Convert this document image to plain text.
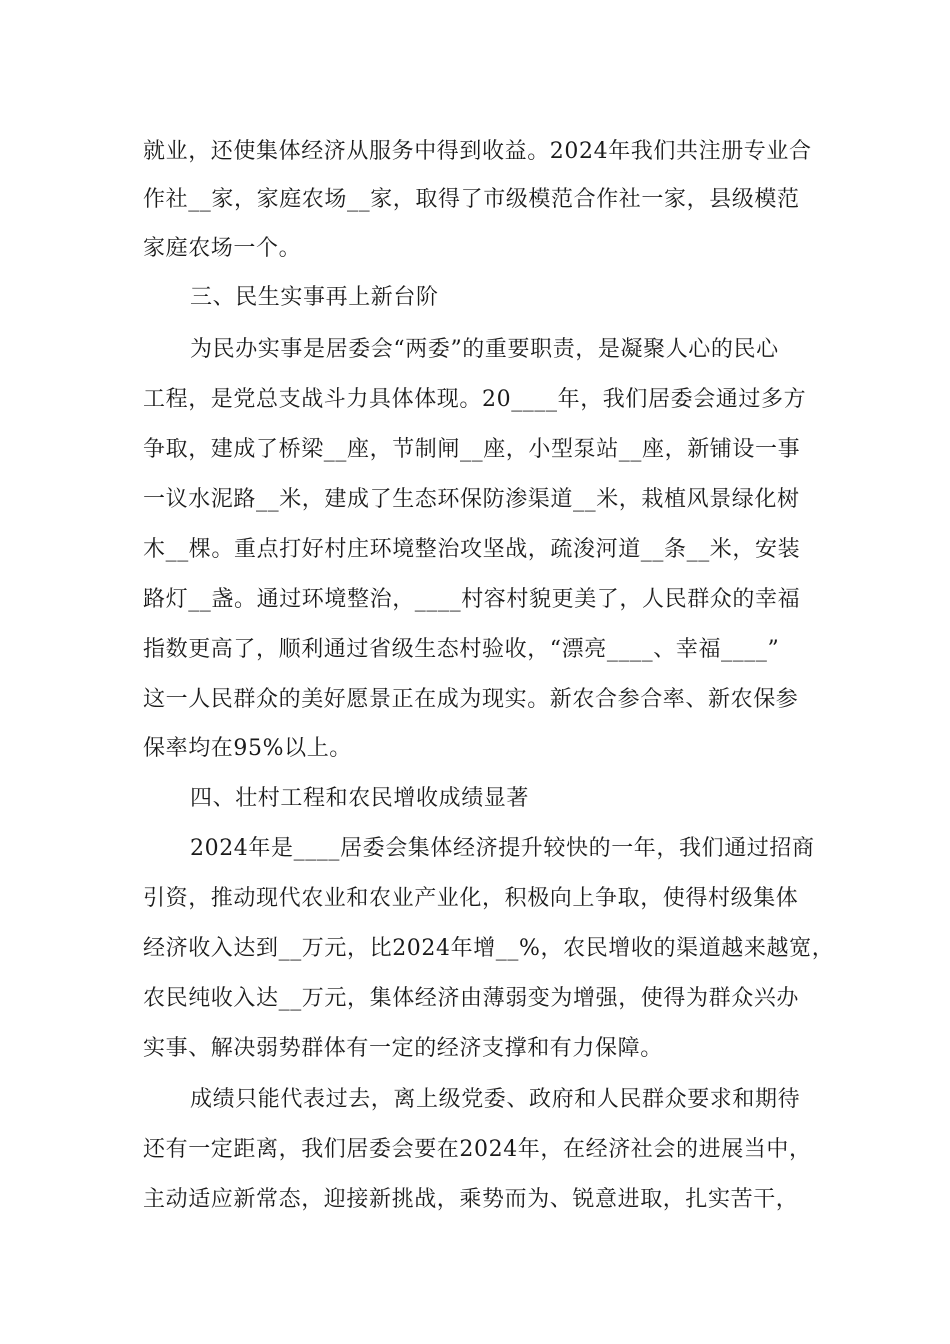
就业，还使集体经济从服务中得到收益。2024年我们共注册专业合
作社__家，家庭农场__家，取得了市级模范合作社一家，县级模范
家庭农场一个。
三、民生实事再上新台阶
为民办实事是居委会“两委”的重要职责，是凝聚人心的民心
工程，是党总支战斗力具体体现。20____年，我们居委会通过多方
争取，建成了桥梁__座，节制闸__座，小型泵站__座，新铺设一事
一议水泥路__米，建成了生态环保防渗渠道__米，栽植风景绿化树
木__棵。重点打好村庄环境整治攻坚战，疏浚河道__条__米，安装
路灯__盏。通过环境整治，____村容村貌更美了，人民群众的幸福
指数更高了，顺利通过省级生态村验收，“漂亮____、幸福____”
这一人民群众的美好愿景正在成为现实。新农合参合率、新农保参
保率均在95%以上。
四、壮村工程和农民增收成绩显著
2024年是____居委会集体经济提升较快的一年，我们通过招商
引资，推动现代农业和农业产业化，积极向上争取，使得村级集体
经济收入达到__万元，比2024年增__%，农民增收的渠道越来越宽，
农民纯收入达__万元，集体经济由薄弱变为增强，使得为群众兴办
实事、解决弱势群体有一定的经济支撑和有力保障。
成绩只能代表过去，离上级党委、政府和人民群众要求和期待
还有一定距离，我们居委会要在2024年，在经济社会的进展当中，
主动适应新常态，迎接新挑战，乘势而为、锐意进取，扎实苦干，
